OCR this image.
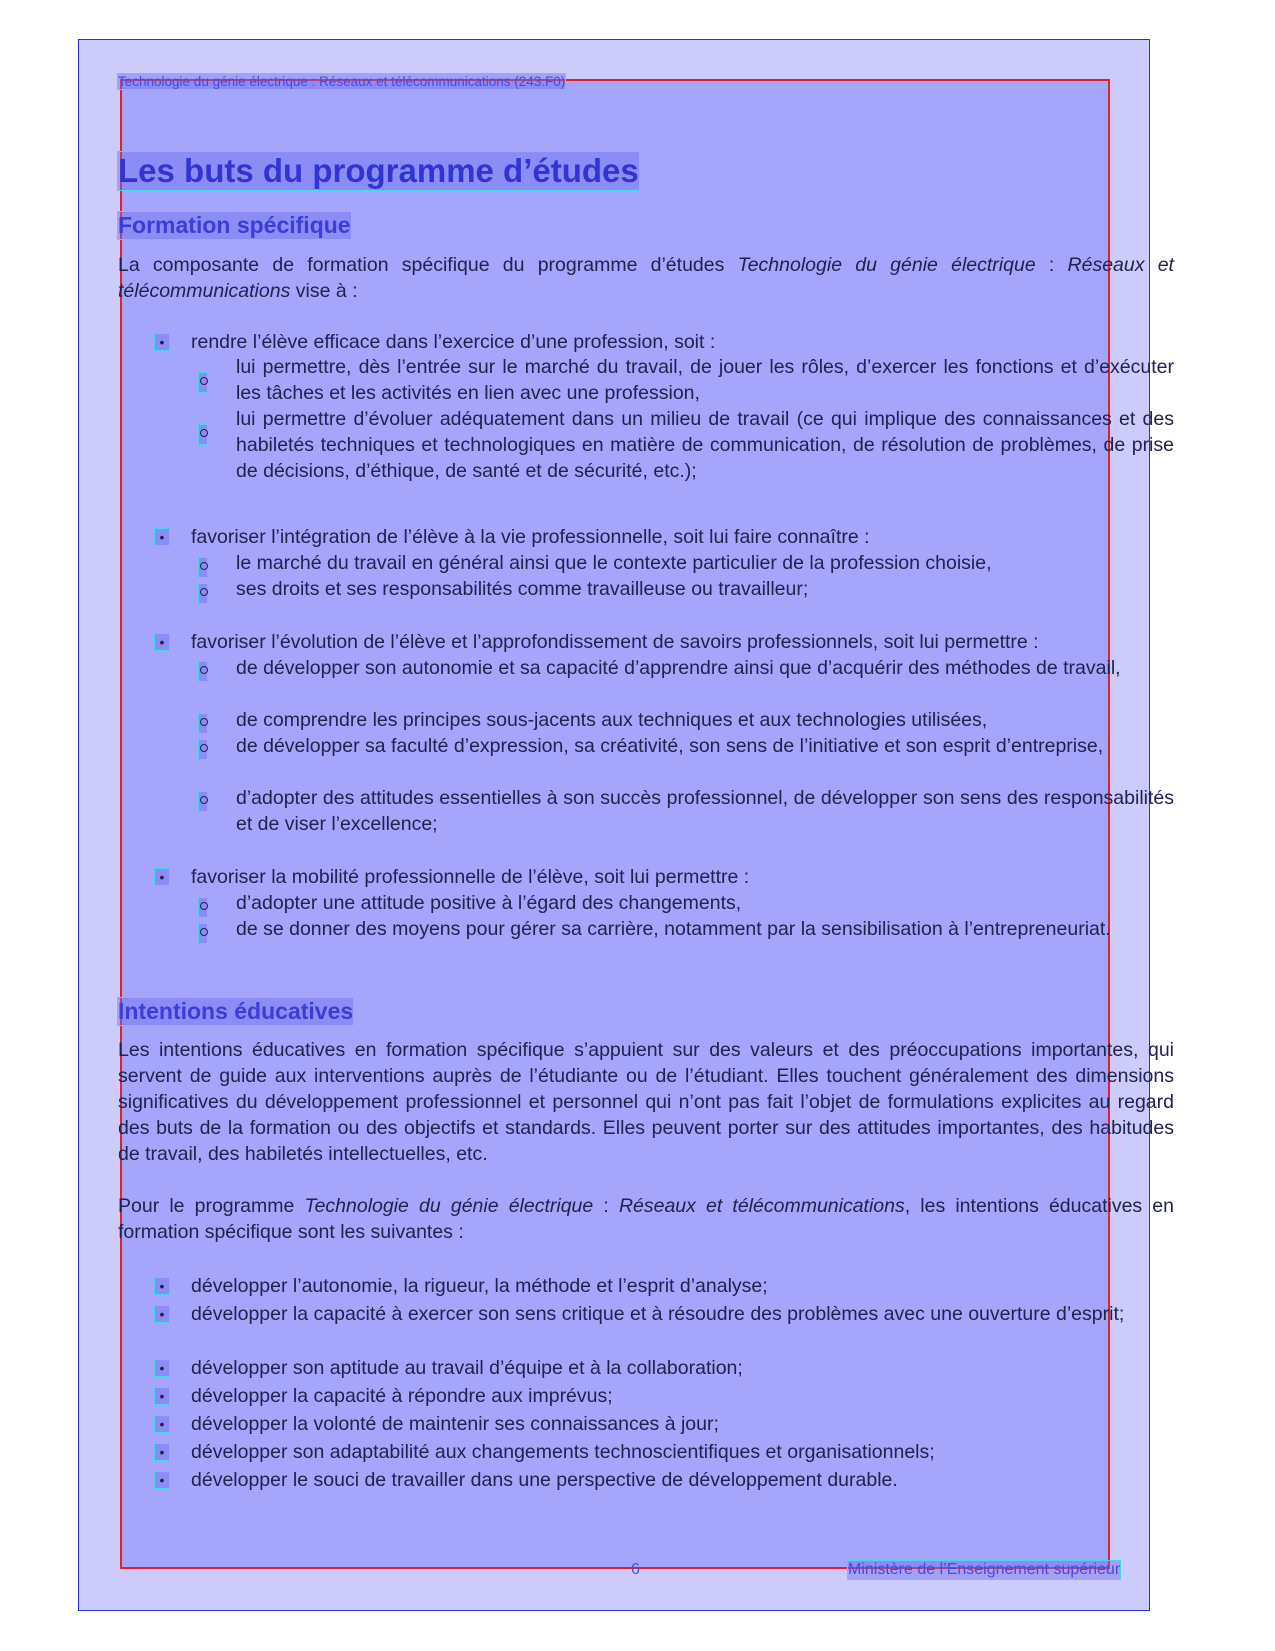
Technologie du génie électrique : Réseaux et télécommunications (243.F0)
Les buts du programme d’études
Formation spécifique
La composante de formation spécifique du programme d’études Technologie du génie électrique : Réseaux et télécommunications vise à :
• rendre l’élève efficace dans l’exercice d’une profession, soit :
lui permettre, dès l’entrée sur le marché du travail, de jouer les rôles, d’exercer les fonctions et d’exécuter les tâches et les activités en lien avec une profession,
lui permettre d’évoluer adéquatement dans un milieu de travail (ce qui implique des connaissances et des habiletés techniques et technologiques en matière de communication, de résolution de problèmes, de prise de décisions, d’éthique, de santé et de sécurité, etc.);
• favoriser l’intégration de l’élève à la vie professionnelle, soit lui faire connaître :
le marché du travail en général ainsi que le contexte particulier de la profession choisie,
ses droits et ses responsabilités comme travailleuse ou travailleur;
• favoriser l’évolution de l’élève et l’approfondissement de savoirs professionnels, soit lui permettre :
de développer son autonomie et sa capacité d’apprendre ainsi que d’acquérir des méthodes de travail,
de comprendre les principes sous-jacents aux techniques et aux technologies utilisées,
de développer sa faculté d’expression, sa créativité, son sens de l’initiative et son esprit d’entreprise,
d’adopter des attitudes essentielles à son succès professionnel, de développer son sens des responsabilités et de viser l’excellence;
• favoriser la mobilité professionnelle de l’élève, soit lui permettre :
d’adopter une attitude positive à l’égard des changements,
de se donner des moyens pour gérer sa carrière, notamment par la sensibilisation à l’entrepreneuriat.
Intentions éducatives
Les intentions éducatives en formation spécifique s’appuient sur des valeurs et des préoccupations importantes, qui servent de guide aux interventions auprès de l’étudiante ou de l’étudiant. Elles touchent généralement des dimensions significatives du développement professionnel et personnel qui n’ont pas fait l’objet de formulations explicites au regard des buts de la formation ou des objectifs et standards. Elles peuvent porter sur des attitudes importantes, des habitudes de travail, des habiletés intellectuelles, etc.
Pour le programme Technologie du génie électrique : Réseaux et télécommunications, les intentions éducatives en formation spécifique sont les suivantes :
• développer l’autonomie, la rigueur, la méthode et l’esprit d’analyse;
• développer la capacité à exercer son sens critique et à résoudre des problèmes avec une ouverture d’esprit;
• développer son aptitude au travail d’équipe et à la collaboration;
• développer la capacité à répondre aux imprévus;
• développer la volonté de maintenir ses connaissances à jour;
• développer son adaptabilité aux changements technoscientifiques et organisationnels;
• développer le souci de travailler dans une perspective de développement durable.
6	Ministère de l’Enseignement supérieur
